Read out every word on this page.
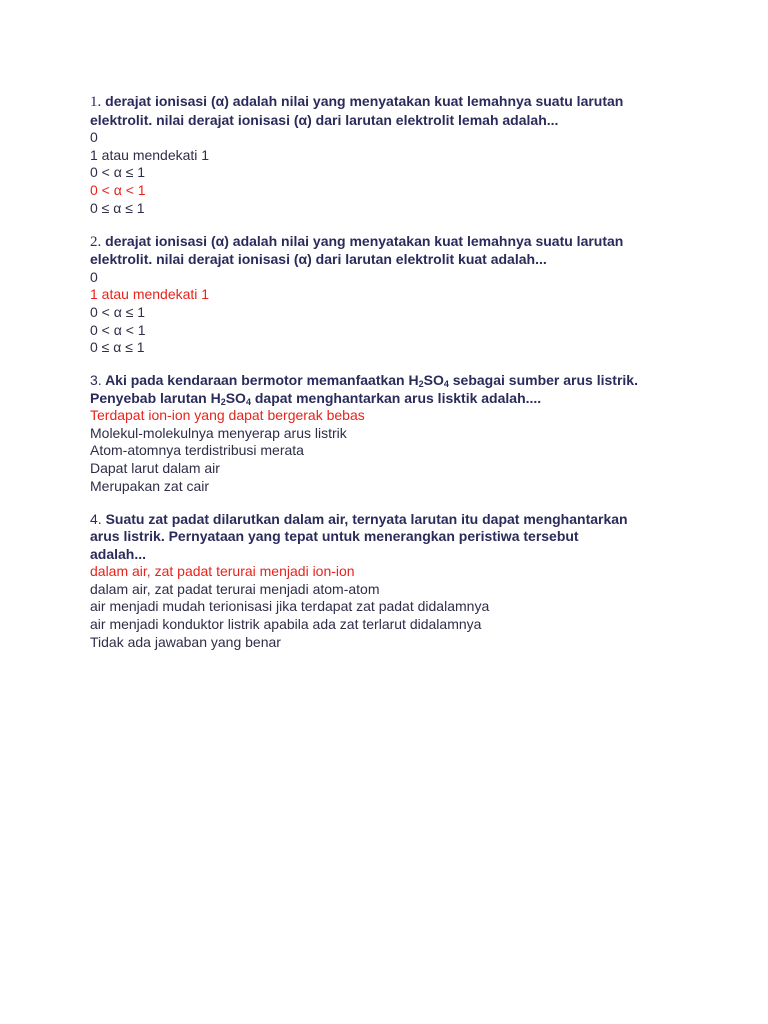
1. derajat ionisasi (α) adalah nilai yang menyatakan kuat lemahnya suatu larutan
elektrolit. nilai derajat ionisasi (α) dari larutan elektrolit lemah adalah...
0
1 atau mendekati 1
0 < α ≤ 1
0 < α < 1
0 ≤ α ≤ 1
2. derajat ionisasi (α) adalah nilai yang menyatakan kuat lemahnya suatu larutan
elektrolit. nilai derajat ionisasi (α) dari larutan elektrolit kuat adalah...
0
1 atau mendekati 1
0 < α ≤ 1
0 < α < 1
0 ≤ α ≤ 1
3. Aki pada kendaraan bermotor memanfaatkan $H_2SO_4$ sebagai sumber arus listrik.
Penyebab larutan $H_2SO_4$ dapat menghantarkan arus lisktik adalah....
Terdapat ion-ion yang dapat bergerak bebas
Molekul-molekulnya menyerap arus listrik
Atom-atomnya terdistribusi merata
Dapat larut dalam air
Merupakan zat cair
4. Suatu zat padat dilarutkan dalam air, ternyata larutan itu dapat menghantarkan
arus listrik. Pernyataan yang tepat untuk menerangkan peristiwa tersebut
adalah...
dalam air, zat padat terurai menjadi ion-ion
dalam air, zat padat terurai menjadi atom-atom
air menjadi mudah terionisasi jika terdapat zat padat didalamnya
air menjadi konduktor listrik apabila ada zat terlarut didalamnya
Tidak ada jawaban yang benar
